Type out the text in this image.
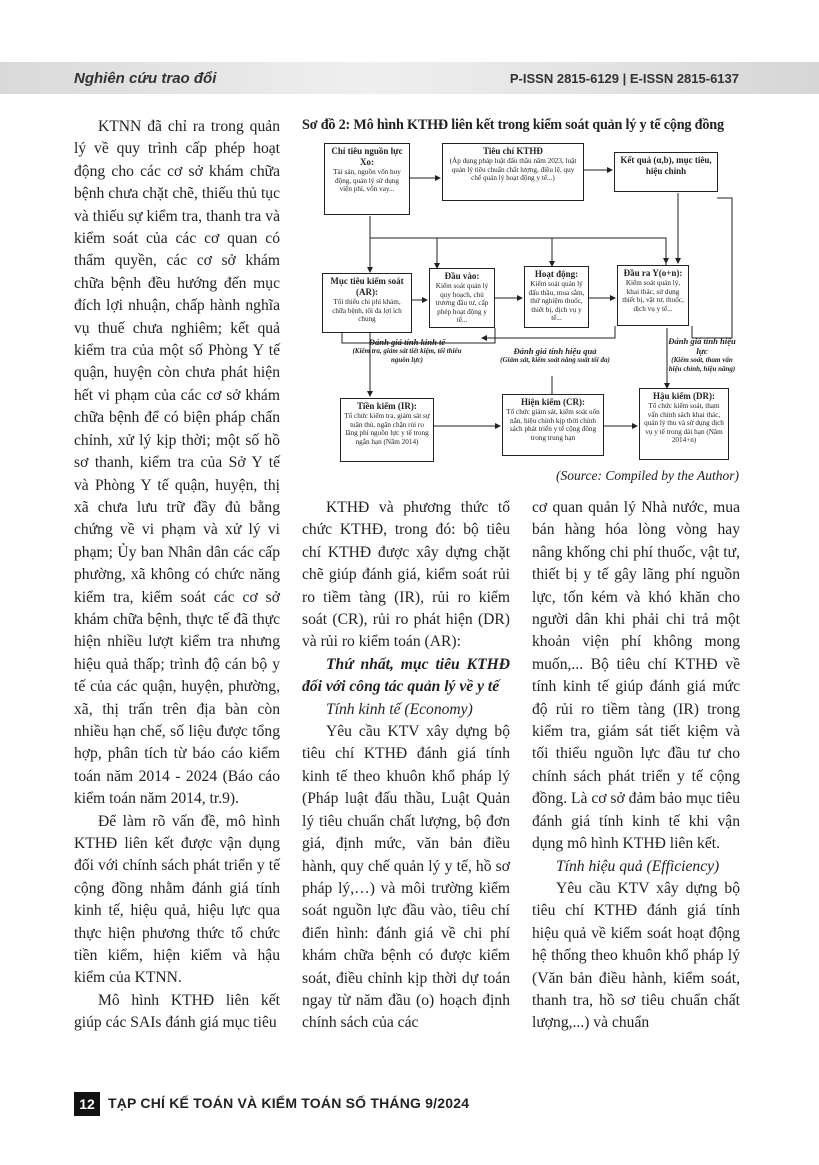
Nghiên cứu trao đổi	P-ISSN 2815-6129 | E-ISSN 2815-6137

KTNN đã chỉ ra trong quản lý về quy trình cấp phép hoạt động cho các cơ sở khám chữa bệnh chưa chặt chẽ, thiếu thủ tục và thiếu sự kiểm tra, thanh tra và kiểm soát của các cơ quan có thẩm quyền, các cơ sở khám chữa bệnh đều hướng đến mục đích lợi nhuận, chấp hành nghĩa vụ thuế chưa nghiêm; kết quả kiểm tra của một số Phòng Y tế quận, huyện còn chưa phát hiện hết vi phạm của các cơ sở khám chữa bệnh để có biện pháp chấn chỉnh, xử lý kịp thời; một số hồ sơ thanh, kiểm tra của Sở Y tế và Phòng Y tế quận, huyện, thị xã chưa lưu trữ đầy đủ bằng chứng về vi phạm và xử lý vi phạm; Ủy ban Nhân dân các cấp phường, xã không có chức năng kiểm tra, kiểm soát các cơ sở khám chữa bệnh, thực tế đã thực hiện nhiều lượt kiểm tra nhưng hiệu quả thấp; trình độ cán bộ y tế của các quận, huyện, phường, xã, thị trấn trên địa bàn còn nhiều hạn chế, số liệu được tổng hợp, phân tích từ báo cáo kiểm toán năm 2014 - 2024 (Báo cáo kiểm toán năm 2014, tr.9).

Để làm rõ vấn đề, mô hình KTHĐ liên kết được vận dụng đối với chính sách phát triển y tế cộng đồng nhằm đánh giá tính kinh tế, hiệu quả, hiệu lực qua thực hiện phương thức tổ chức tiền kiểm, hiện kiểm và hậu kiểm của KTNN.

Mô hình KTHĐ liên kết giúp các SAIs đánh giá mục tiêu

Sơ đồ 2: Mô hình KTHĐ liên kết trong kiểm soát quản lý y tế cộng đồng
Chỉ tiêu nguồn lực Xo:
Tài sản, nguồn vốn huy động, quản lý sử dụng viện phí, vốn vay...
Tiêu chí KTHĐ
(Áp dụng pháp luật đấu thầu năm 2023, luật quản lý tiêu chuẩn chất lượng, điều lệ, quy chế quản lý hoạt động y tế...)
Kết quả (α,b), mục tiêu, hiệu chỉnh
Mục tiêu kiểm soát (AR):
Tối thiểu chi phí khám, chữa bệnh, tối đa lợi ích chung
Đầu vào:
Kiểm soát quản lý quy hoạch, chủ trương đầu tư, cấp phép hoạt động y tế...
Hoạt động:
Kiểm soát quản lý đấu thầu, mua sắm, thử nghiệm thuốc, thiết bị, dịch vụ y tế...
Đầu ra Y(o+n):
Kiểm soát quản lý, khai thác, sử dụng thiết bị, vật tư, thuốc, dịch vụ y tế...
Đánh giá tính kinh tế
(Kiểm tra, giám sát tiết kiệm, tối thiểu nguồn lực)
Đánh giá tính hiệu quả
(Giám sát, kiểm soát năng suất tối đa)
Đánh giá tính hiệu lực
(Kiểm soát, tham vấn hiệu chỉnh, hiệu năng)
Tiền kiểm (IR):
Tổ chức kiểm tra, giám sát sự tuân thủ, ngăn chặn rủi ro lãng phí nguồn lực y tế trong ngắn hạn (Năm 2014)
Hiện kiểm (CR):
Tổ chức giám sát, kiểm soát uốn nắn, hiệu chỉnh kịp thời chính sách phát triển y tế cộng đồng trong trung hạn
Hậu kiểm (DR):
Tổ chức kiểm soát, tham vấn chính sách khai thác, quản lý thu và sử dụng dịch vụ y tế trong dài hạn (Năm 2014+n)
(Source: Compiled by the Author)

KTHĐ và phương thức tổ chức KTHĐ, trong đó: bộ tiêu chí KTHĐ được xây dựng chặt chẽ giúp đánh giá, kiểm soát rủi ro tiềm tàng (IR), rủi ro kiểm soát (CR), rủi ro phát hiện (DR) và rủi ro kiểm toán (AR):

Thứ nhất, mục tiêu KTHĐ đối với công tác quản lý về y tế

Tính kinh tế (Economy)

Yêu cầu KTV xây dựng bộ tiêu chí KTHĐ đánh giá tính kinh tế theo khuôn khổ pháp lý (Pháp luật đấu thầu, Luật Quản lý tiêu chuẩn chất lượng, bộ đơn giá, định mức, văn bản điều hành, quy chế quản lý y tế, hồ sơ pháp lý,…) và môi trường kiểm soát nguồn lực đầu vào, tiêu chí điển hình: đánh giá về chi phí khám chữa bệnh có được kiểm soát, điều chỉnh kịp thời dự toán ngay từ năm đầu (o) hoạch định chính sách của các

cơ quan quản lý Nhà nước, mua bán hàng hóa lòng vòng hay nâng khống chi phí thuốc, vật tư, thiết bị y tế gây lãng phí nguồn lực, tốn kém và khó khăn cho người dân khi phải chi trả một khoản viện phí không mong muốn,... Bộ tiêu chí KTHĐ về tính kinh tế giúp đánh giá mức độ rủi ro tiềm tàng (IR) trong kiểm tra, giám sát tiết kiệm và tối thiểu nguồn lực đầu tư cho chính sách phát triển y tế cộng đồng. Là cơ sở đảm bảo mục tiêu đánh giá tính kinh tế khi vận dụng mô hình KTHĐ liên kết.

Tính hiệu quả (Efficiency)

Yêu cầu KTV xây dựng bộ tiêu chí KTHĐ đánh giá tính hiệu quả về kiểm soát hoạt động hệ thống theo khuôn khổ pháp lý (Văn bản điều hành, kiểm soát, thanh tra, hồ sơ tiêu chuẩn chất lượng,...) và chuẩn

12 TẠP CHÍ KẾ TOÁN VÀ KIỂM TOÁN SỐ THÁNG 9/2024
